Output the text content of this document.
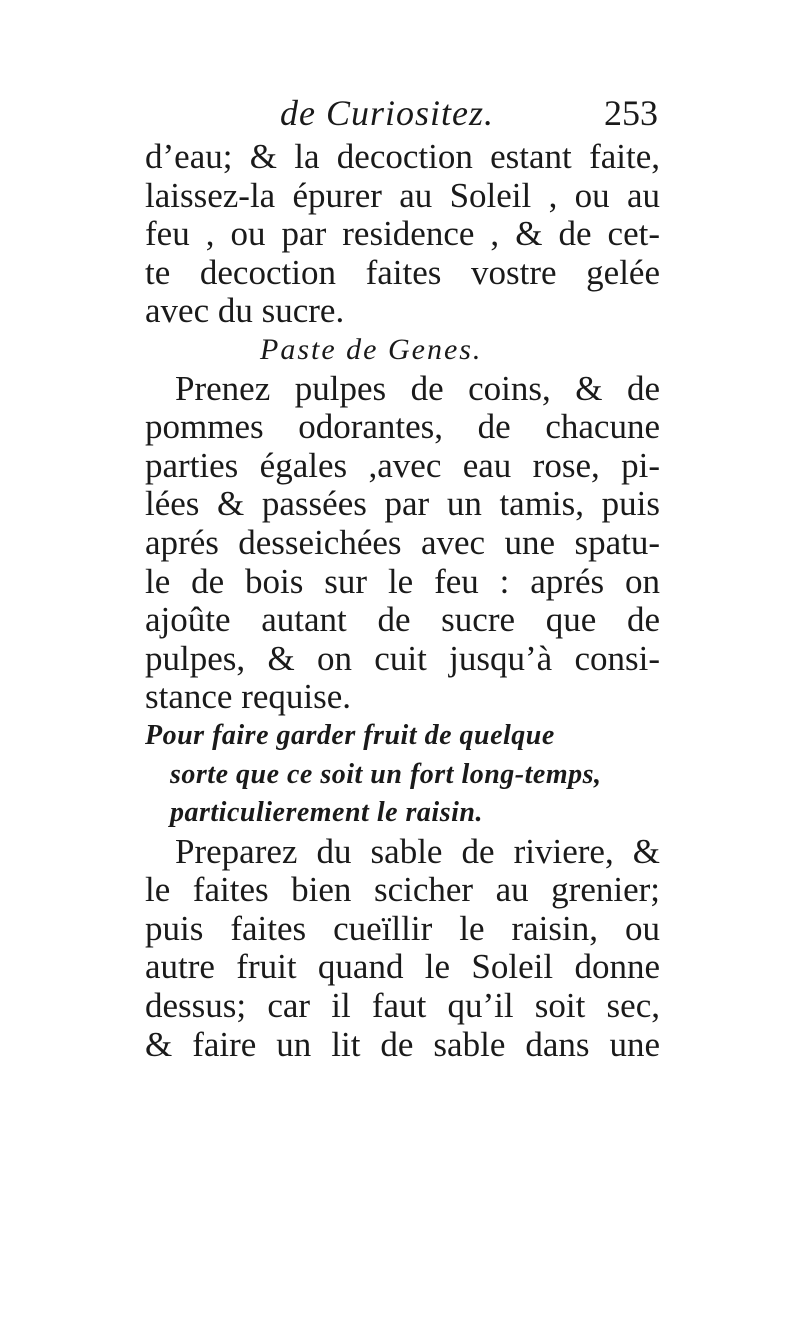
de Curiositez.	253
d’eau; & la decoction estant faite,
laissez-la épurer au Soleil , ou au
feu , ou par residence , & de cet-
te decoction faites vostre gelée
avec du sucre.
Paste de Genes.
Prenez pulpes de coins, & de
pommes odorantes, de chacune
parties égales ,avec eau rose, pi-
lées & passées par un tamis, puis
aprés desseichées avec une spatu-
le de bois sur le feu : aprés on
ajoûte autant de sucre que de
pulpes, & on cuit jusqu’à consi-
stance requise.
Pour faire garder fruit de quelque
sorte que ce soit un fort long-temps,
particulierement le raisin.
Preparez du sable de riviere, &
le faites bien scicher au grenier;
puis faites cueïllir le raisin, ou
autre fruit quand le Soleil donne
dessus; car il faut qu’il soit sec,
& faire un lit de sable dans une
